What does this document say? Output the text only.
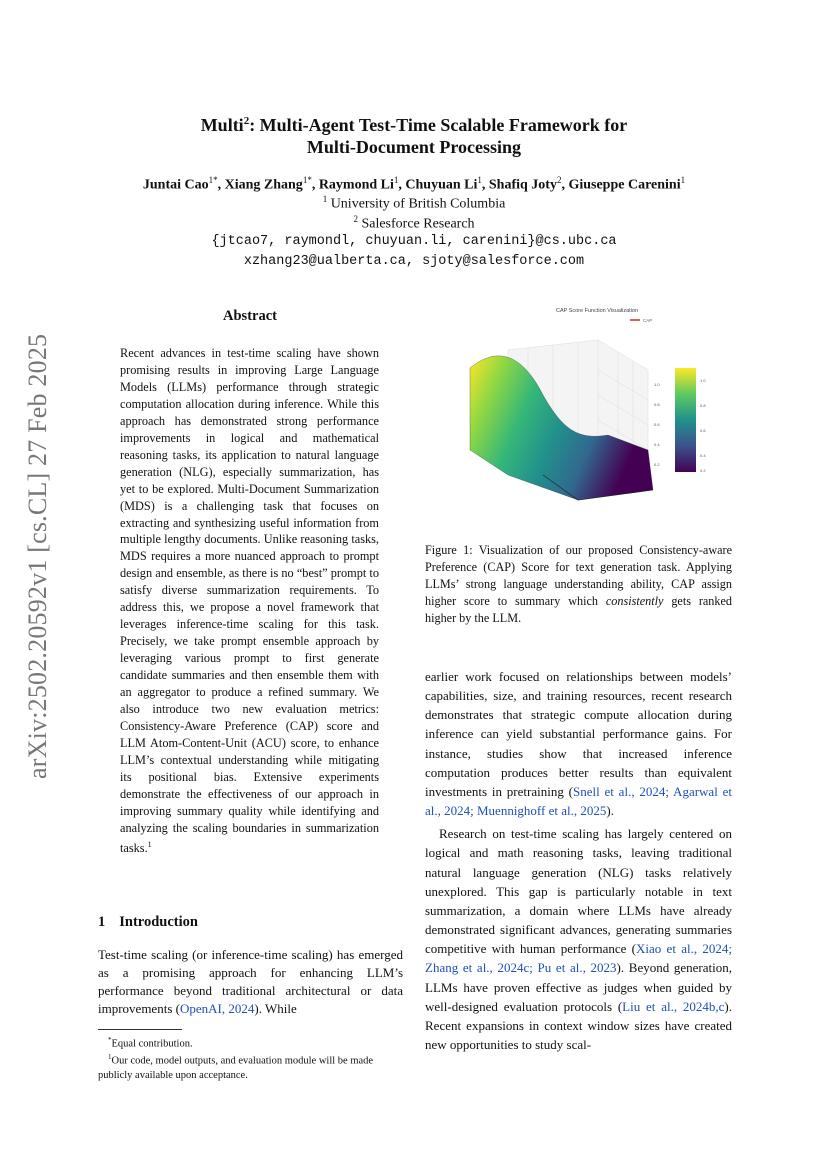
arXiv:2502.20592v1 [cs.CL] 27 Feb 2025
Multi$^2$: Multi-Agent Test-Time Scalable Framework for
Multi-Document Processing
Juntai Cao$^{1*}$, Xiang Zhang$^{1*}$, Raymond Li$^1$, Chuyuan Li$^1$, Shafiq Joty$^2$, Giuseppe Carenini$^1$
$^1$ University of British Columbia
$^2$ Salesforce Research
{jtcao7, raymondl, chuyuan.li, carenini}@cs.ubc.ca
xzhang23@ualberta.ca, sjoty@salesforce.com
Abstract
Recent advances in test-time scaling have shown promising results in improving Large Language Models (LLMs) performance through strategic computation allocation during inference. While this approach has demonstrated strong performance improvements in logical and mathematical reasoning tasks, its application to natural language generation (NLG), especially summarization, has yet to be explored. Multi-Document Summarization (MDS) is a challenging task that focuses on extracting and synthesizing useful information from multiple lengthy documents. Unlike reasoning tasks, MDS requires a more nuanced approach to prompt design and ensemble, as there is no “best” prompt to satisfy diverse summarization requirements. To address this, we propose a novel framework that leverages inference-time scaling for this task. Precisely, we take prompt ensemble approach by leveraging various prompt to first generate candidate summaries and then ensemble them with an aggregator to produce a refined summary. We also introduce two new evaluation metrics: Consistency-Aware Preference (CAP) score and LLM Atom-Content-Unit (ACU) score, to enhance LLM’s contextual understanding while mitigating its positional bias. Extensive experiments demonstrate the effectiveness of our approach in improving summary quality while identifying and analyzing the scaling boundaries in summarization tasks.$^1$
1 Introduction
Test-time scaling (or inference-time scaling) has emerged as a promising approach for enhancing LLM’s performance beyond traditional architectural or data improvements (OpenAI, 2024). While
*Equal contribution.
$^1$Our code, model outputs, and evaluation module will be made publicly available upon acceptance.
CAP Score Function Visualization
CAP
1.0
0.8
0.6
0.4
0.2
1.0
0.8
0.6
0.4
0.2
Figure 1: Visualization of our proposed Consistency-aware Preference (CAP) Score for text generation task. Applying LLMs’ strong language understanding ability, CAP assign higher score to summary which consistently gets ranked higher by the LLM.

earlier work focused on relationships between models’ capabilities, size, and training resources, recent research demonstrates that strategic compute allocation during inference can yield substantial performance gains. For instance, studies show that increased inference computation produces better results than equivalent investments in pretraining (Snell et al., 2024; Agarwal et al., 2024; Muennighoff et al., 2025).

Research on test-time scaling has largely centered on logical and math reasoning tasks, leaving traditional natural language generation (NLG) tasks relatively unexplored. This gap is particularly notable in text summarization, a domain where LLMs have already demonstrated significant advances, generating summaries competitive with human performance (Xiao et al., 2024; Zhang et al., 2024c; Pu et al., 2023). Beyond generation, LLMs have proven effective as judges when guided by well-designed evaluation protocols (Liu et al., 2024b,c). Recent expansions in context window sizes have created new opportunities to study scal-
